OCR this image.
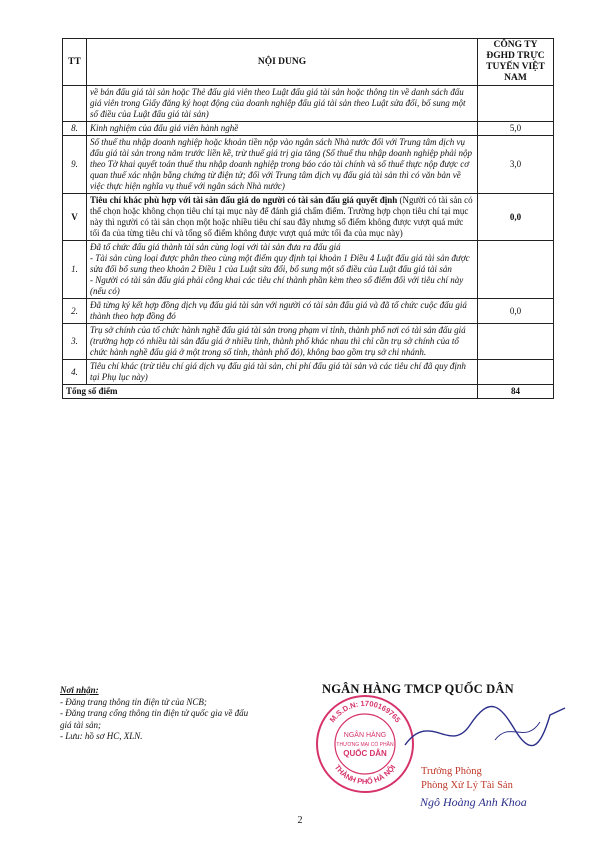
TT	NỘI DUNG	CÔNG TY ĐGHD TRỰC TUYẾN VIỆT NAM
	về bán đấu giá tài sản hoặc Thẻ đấu giá viên theo Luật đấu giá tài sản hoặc thông tin về danh sách đấu giá viên trong Giấy đăng ký hoạt động của doanh nghiệp đấu giá tài sản theo Luật sửa đổi, bổ sung một số điều của Luật đấu giá tài sản)	
8.	Kinh nghiệm của đấu giá viên hành nghề	5,0
9.	Số thuế thu nhập doanh nghiệp hoặc khoản tiền nộp vào ngân sách Nhà nước đối với Trung tâm dịch vụ đấu giá tài sản trong năm trước liền kề, trừ thuế giá trị gia tăng (Số thuế thu nhập doanh nghiệp phải nộp theo Tờ khai quyết toán thuế thu nhập doanh nghiệp trong báo cáo tài chính và số thuế thực nộp được cơ quan thuế xác nhận bằng chứng từ điện tử; đối với Trung tâm dịch vụ đấu giá tài sản thì có văn bản về việc thực hiện nghĩa vụ thuế với ngân sách Nhà nước)	3,0
V	Tiêu chí khác phù hợp với tài sản đấu giá do người có tài sản đấu giá quyết định (Người có tài sản có thể chọn hoặc không chọn tiêu chí tại mục này để đánh giá chấm điểm. Trường hợp chọn tiêu chí tại mục này thì người có tài sản chọn một hoặc nhiều tiêu chí sau đây nhưng số điểm không được vượt quá mức tối đa của từng tiêu chí và tổng số điểm không được vượt quá mức tối đa của mục này)	0,0
1.	Đã tổ chức đấu giá thành tài sản cùng loại với tài sản đưa ra đấu giá
- Tài sản cùng loại được phân theo cùng một điểm quy định tại khoản 1 Điều 4 Luật đấu giá tài sản được sửa đổi bổ sung theo khoản 2 Điều 1 của Luật sửa đổi, bổ sung một số điều của Luật đấu giá tài sản
- Người có tài sản đấu giá phải công khai các tiêu chí thành phần kèm theo số điểm đối với tiêu chí này (nếu có)	
2.	Đã từng ký kết hợp đồng dịch vụ đấu giá tài sản với người có tài sản đấu giá và đã tổ chức cuộc đấu giá thành theo hợp đồng đó	0,0
3.	Trụ sở chính của tổ chức hành nghề đấu giá tài sản trong phạm vi tỉnh, thành phố nơi có tài sản đấu giá (trường hợp có nhiều tài sản đấu giá ở nhiều tỉnh, thành phố khác nhau thì chỉ cần trụ sở chính của tổ chức hành nghề đấu giá ở một trong số tỉnh, thành phố đó), không bao gồm trụ sở chi nhánh.	
4.	Tiêu chí khác (trừ tiêu chí giá dịch vụ đấu giá tài sản, chi phí đấu giá tài sản và các tiêu chí đã quy định tại Phụ lục này)	
Tổng số điểm		84
Nơi nhận:
- Đăng trang thông tin điện tử của NCB;
- Đăng trang cổng thông tin điện tử quốc gia về đấu giá tài sản;
- Lưu: hồ sơ HC, XLN.
NGÂN HÀNG TMCP QUỐC DÂN
M.S.D.N: 1700169765
THÀNH PHỐ HÀ NỘI
NGÂN HÀNG
THƯƠNG MẠI CỔ PHẦN
QUỐC DÂN
Trưởng Phòng
Phòng Xử Lý Tài Sản
Ngô Hoàng Anh Khoa
2
